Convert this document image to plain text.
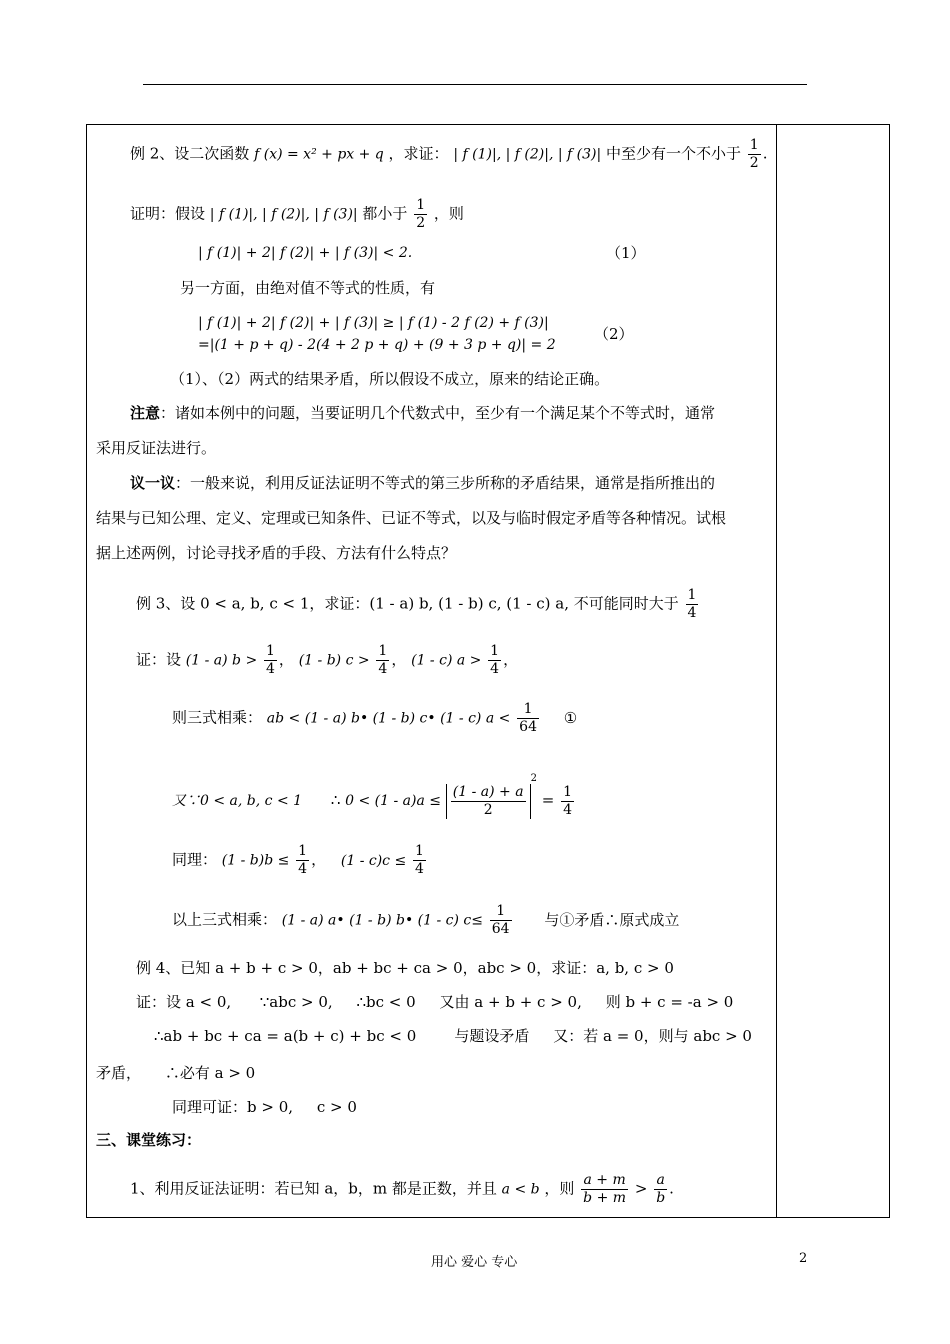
例 2、设二次函数 f (x) = x² + px + q ，求证： | f (1)|, | f (2)|, | f (3)| 中至少有一个不小于 $\frac{1}{2}$ .
证明：假设 | f (1)|, | f (2)|, | f (3)| 都小于 $\frac{1}{2}$ ，则
| f (1)| + 2| f (2)| + | f (3)| < 2.	（1）
另一方面，由绝对值不等式的性质，有
| f (1)| + 2| f (2)| + | f (3)| ≥ | f (1) - 2 f (2) + f (3)|
=|(1 + p + q) - 2(4 + 2 p + q) + (9 + 3 p + q)| = 2
（2）
（1）、（2）两式的结果矛盾，所以假设不成立，原来的结论正确。
注意：诸如本例中的问题，当要证明几个代数式中，至少有一个满足某个不等式时，通常
采用反证法进行。
议一议：一般来说，利用反证法证明不等式的第三步所称的矛盾结果，通常是指所推出的
结果与已知公理、定义、定理或已知条件、已证不等式，以及与临时假定矛盾等各种情况。试根
据上述两例，讨论寻找矛盾的手段、方法有什么特点？
例 3、设 0 < a, b, c < 1，求证：(1 - a) b, (1 - b) c, (1 - c) a, 不可能同时大于 $\frac{1}{4}$
证：设 (1 - a) $b > \frac{1}{4}$ ， (1 - b) $c > \frac{1}{4}$ ， (1 - c) $a > \frac{1}{4}$ ，
则三式相乘： ab < (1 - a) b• (1 - b) c• (1 - c) $a < \frac{1}{64}$ ①
又∵0 < a, b, c < 1 ∴ $0 < (1 - a)a \le \frac{(1 - a) + a}{2}$
$^2 = \frac{1}{4}$
同理： $(1 - b)b \le \frac{1}{4}$ ， $(1 - c)c \le \frac{1}{4}$
以上三式相乘： (1 - a) a• (1 - b) b• (1 - c) $c\le \frac{1}{64}$ 与①矛盾∴原式成立
例 4、已知 a + b + c > 0，ab + bc + ca > 0，abc > 0，求证：a, b, c > 0
证：设 a < 0,      ∵abc > 0,     ∴bc < 0     又由 a + b + c > 0,     则 b + c = -a > 0
∴ab + bc + ca = a(b + c) + bc < 0        与题设矛盾     又：若 a = 0，则与 abc > 0
矛盾，     ∴必有 a > 0
同理可证：b > 0,     c > 0
三、课堂练习：
1、利用反证法证明：若已知 a，b，m 都是正数，并且 a < b ，则 $\frac{a + m}{b + m} > \frac{a}{b}$ .
用心 爱心 专心	2
